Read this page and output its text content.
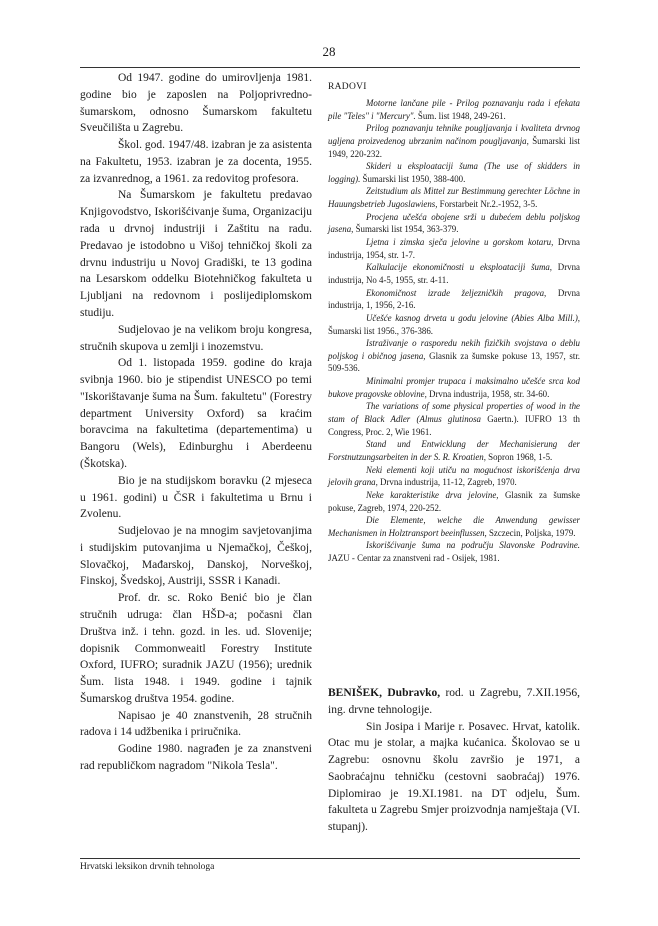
28

Od 1947. godine do umirovljenja 1981. godine bio je zaposlen na Poljoprivredno-šumarskom, odnosno Šumarskom fakultetu Sveučilišta u Zagrebu.

Škol. god. 1947/48. izabran je za asistenta na Fakultetu, 1953. izabran je za docenta, 1955. za izvanrednog, a 1961. za redovitog profesora.

Na Šumarskom je fakultetu predavao Knjigovodstvo, Iskorišćivanje šuma, Organizaciju rada u drvnoj industriji i Zaštitu na radu. Predavao je istodobno u Višoj tehničkoj školi za drvnu industriju u Novoj Gradiški, te 13 godina na Lesarskom oddelku Biotehničkog fakulteta u Ljubljani na redovnom i poslijediplomskom studiju.

Sudjelovao je na velikom broju kongresa, stručnih skupova u zemlji i inozemstvu.

Od 1. listopada 1959. godine do kraja svibnja 1960. bio je stipendist UNESCO po temi "Iskorištavanje šuma na Šum. fakultetu" (Forestry department University Oxford) sa kraćim boravcima na fakultetima (departementima) u Bangoru (Wels), Edinburghu i Aberdeenu (Škotska).

Bio je na studijskom boravku (2 mjeseca u 1961. godini) u ČSR i fakultetima u Brnu i Zvolenu.

Sudjelovao je na mnogim savjetovanjima i studijskim putovanjima u Njemačkoj, Češkoj, Slovačkoj, Mađarskoj, Danskoj, Norveškoj, Finskoj, Švedskoj, Austriji, SSSR i Kanadi.

Prof. dr. sc. Roko Benić bio je član stručnih udruga: član HŠD-a; počasni član Društva inž. i tehn. gozd. in les. ud. Slovenije; dopisnik Commonweaitl Forestry Institute Oxford, IUFRO; suradnik JAZU (1956); urednik Šum. lista 1948. i 1949. godine i tajnik Šumarskog društva 1954. godine.

Napisao je 40 znanstvenih, 28 stručnih radova i 14 udžbenika i priručnika.

Godine 1980. nagrađen je za znanstveni rad republičkom nagradom "Nikola Tesla".

RADOVI
Motorne lančane pile - Prilog poznavanju rada i efekata pile "Teles" i "Mercury". Šum. list 1948, 249-261.
Prilog poznavanju tehnike pougljavanja i kvaliteta drvnog uglјena proizvedenog ubrzanim načinom pougljavanja, Šumarski list 1949, 220-232.
Skideri u eksploataciji šuma (The use of skidders in logging). Šumarski list 1950, 388-400.
Zeitstudium als Mittel zur Bestimmung gerechter Löchne in Hauungsbetrieb Jugoslawiens, Forstarbeit Nr.2.-1952, 3-5.
Procjena učešća obojene srži u dubećem deblu poljskog jasena, Šumarski list 1954, 363-379.
Ljetna i zimska sječa jelovine u gorskom kotaru, Drvna industrija, 1954, str. 1-7.
Kalkulacije ekonomičnosti u eksploataciji šuma, Drvna industrija, No 4-5, 1955, str. 4-11.
Ekonomičnost izrade željezničkih pragova, Drvna industrija, 1, 1956, 2-16.
Učešće kasnog drveta u godu jelovine (Abies Alba Mill.), Šumarski list 1956., 376-386.
Istraživanje o rasporedu nekih fizičkih svojstava o deblu poljskog i običnog jasena, Glasnik za šumske pokuse 13, 1957, str. 509-536.
Minimalni promjer trupaca i maksimalno učešće srca kod bukove pragovske oblovine, Drvna industrija, 1958, str. 34-60.
The variations of some physical properties of wood in the stam of Black Adler (Almus glutinosa Gaertn.). IUFRO 13 th Congress, Proc. 2, Wie 1961.
Stand und Entwicklung der Mechanisierung der Forstnutzungsarbeiten in der S. R. Kroatien, Sopron 1968, 1-5.
Neki elementi koji utiču na mogućnost iskorišćenja drva jelovih grana, Drvna industrija, 11-12, Zagreb, 1970.
Neke karakteristike drva jelovine, Glasnik za šumske pokuse, Zagreb, 1974, 220-252.
Die Elemente, welche die Anwendung gewisser Mechanismen in Holztransport beeinflussen, Szczecin, Poljska, 1979.
Iskorišćivanje šuma na području Slavonske Podravine. JAZU - Centar za znanstveni rad - Osijek, 1981.

BENIŠEK, Dubravko, rod. u Zagrebu, 7.XII.1956, ing. drvne tehnologije.

Sin Josipa i Marije r. Posavec. Hrvat, katolik. Otac mu je stolar, a majka kućanica. Školovao se u Zagrebu: osnovnu školu završio je 1971, a Saobraćajnu tehničku (cestovni saobraćaj) 1976. Diplomirao je 19.XI.1981. na DT odjelu, Šum. fakulteta u Zagrebu Smjer proizvodnja namještaja (VI. stupanj).

Hrvatski leksikon drvnih tehnologa
